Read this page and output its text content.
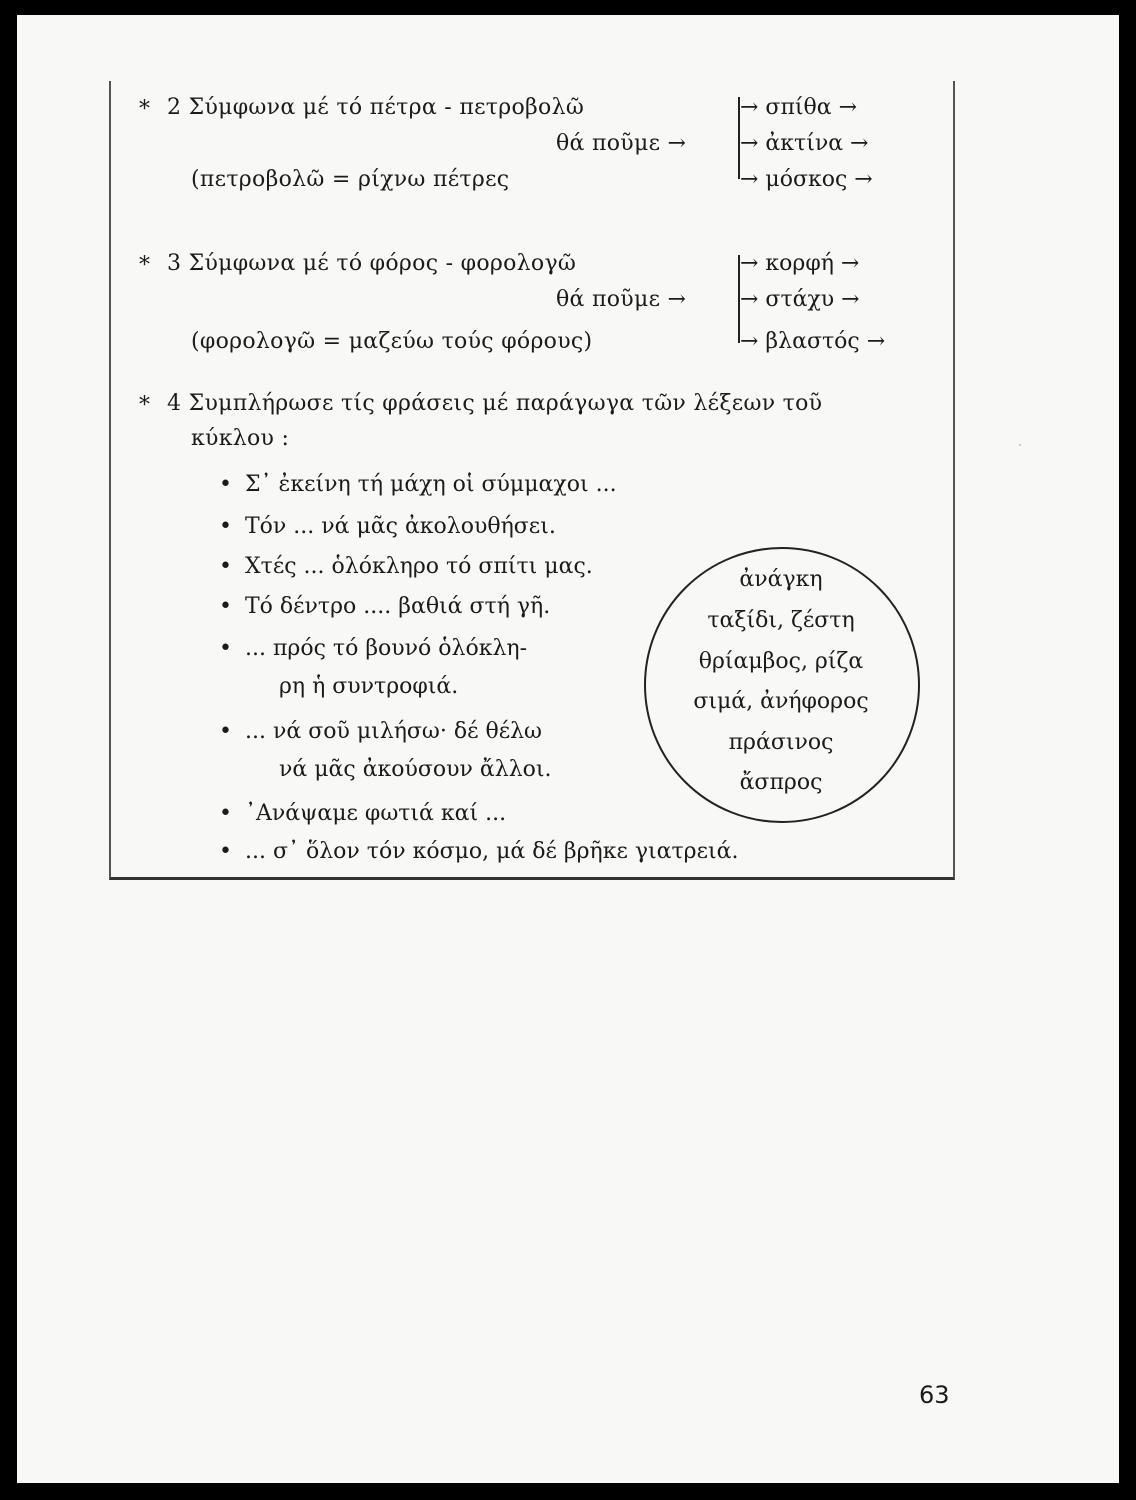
·
* 2 Σύμφωνα μέ τό πέτρα - πετροβολῶ
θά ποῦμε →
(πετροβολῶ = ρίχνω πέτρες
→ σπίθα →
→ ἀκτίνα →
→ μόσκος →
* 3 Σύμφωνα μέ τό φόρος - φορολογῶ
θά ποῦμε →
(φορολογῶ = μαζεύω τούς φόρους)
→ κορφή →
→ στάχυ →
→ βλαστός →
* 4 Συμπλήρωσε τίς φράσεις μέ παράγωγα τῶν λέξεων τοῦ
κύκλου :
• Σ᾽ ἐκείνη τή μάχη οἱ σύμμαχοι ...
• Τόν ... νά μᾶς ἀκολουθήσει.
• Χτές ... ὁλόκληρο τό σπίτι μας.
• Τό δέντρο .... βαθιά στή γῆ.
• ... πρός τό βουνό ὁλόκλη-
ρη ἡ συντροφιά.
• ... νά σοῦ μιλήσω· δέ θέλω
νά μᾶς ἀκούσουν ἄλλοι.
• ᾽Ανάψαμε φωτιά καί ...
• ... σ᾽ ὅλον τόν κόσμο, μά δέ βρῆκε γιατρειά.
ἀνάγκη
ταξίδι, ζέστη
θρίαμβος, ρίζα
σιμά, ἀνήφορος
πράσινος
ἄσπρος
63
